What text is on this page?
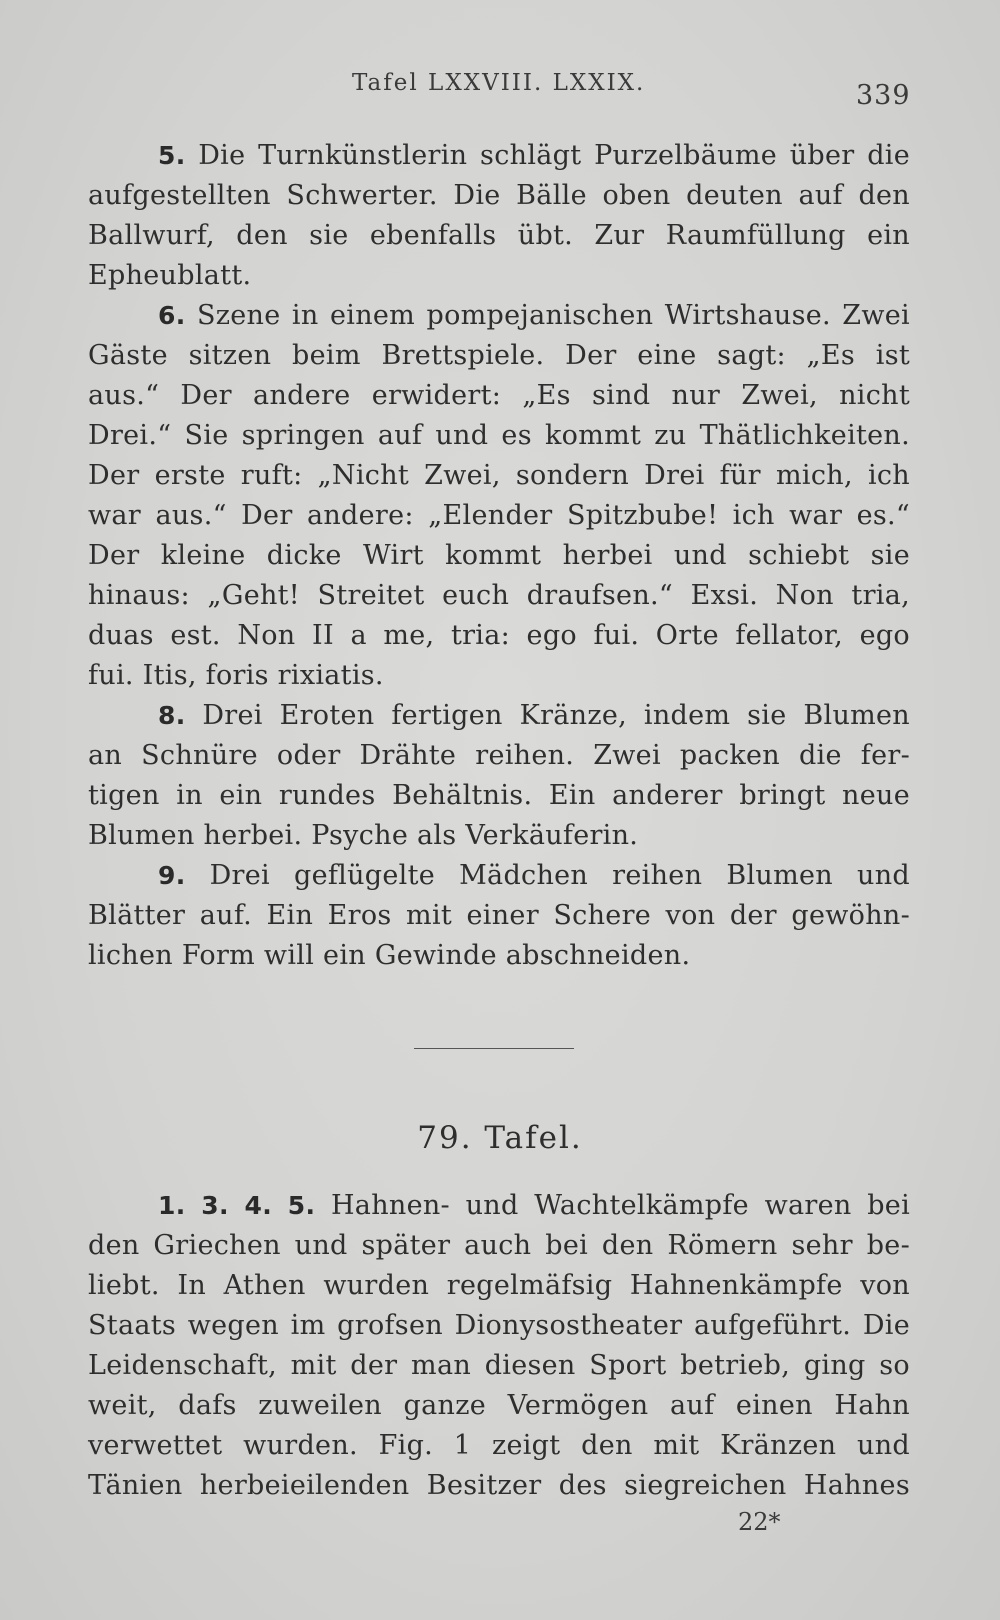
Tafel LXXVIII. LXXIX.	339
5. Die Turnkünstlerin schlägt Purzelbäume über die
aufgestellten Schwerter. Die Bälle oben deuten auf den
Ballwurf, den sie ebenfalls übt. Zur Raumfüllung ein
Epheublatt.
6. Szene in einem pompejanischen Wirtshause. Zwei
Gäste sitzen beim Brettspiele. Der eine sagt: „Es ist
aus.“ Der andere erwidert: „Es sind nur Zwei, nicht
Drei.“ Sie springen auf und es kommt zu Thätlichkeiten.
Der erste ruft: „Nicht Zwei, sondern Drei für mich, ich
war aus.“ Der andere: „Elender Spitzbube! ich war es.“
Der kleine dicke Wirt kommt herbei und schiebt sie
hinaus: „Geht! Streitet euch draufsen.“ Exsi. Non tria,
duas est. Non II a me, tria: ego fui. Orte fellator, ego
fui. Itis, foris rixiatis.
8. Drei Eroten fertigen Kränze, indem sie Blumen
an Schnüre oder Drähte reihen. Zwei packen die fer-
tigen in ein rundes Behältnis. Ein anderer bringt neue
Blumen herbei. Psyche als Verkäuferin.
9. Drei geflügelte Mädchen reihen Blumen und
Blätter auf. Ein Eros mit einer Schere von der gewöhn-
lichen Form will ein Gewinde abschneiden.
79. Tafel.
1. 3. 4. 5. Hahnen- und Wachtelkämpfe waren bei
den Griechen und später auch bei den Römern sehr be-
liebt. In Athen wurden regelmäfsig Hahnenkämpfe von
Staats wegen im grofsen Dionysostheater aufgeführt. Die
Leidenschaft, mit der man diesen Sport betrieb, ging so
weit, dafs zuweilen ganze Vermögen auf einen Hahn
verwettet wurden. Fig. 1 zeigt den mit Kränzen und
Tänien herbeieilenden Besitzer des siegreichen Hahnes
22*
